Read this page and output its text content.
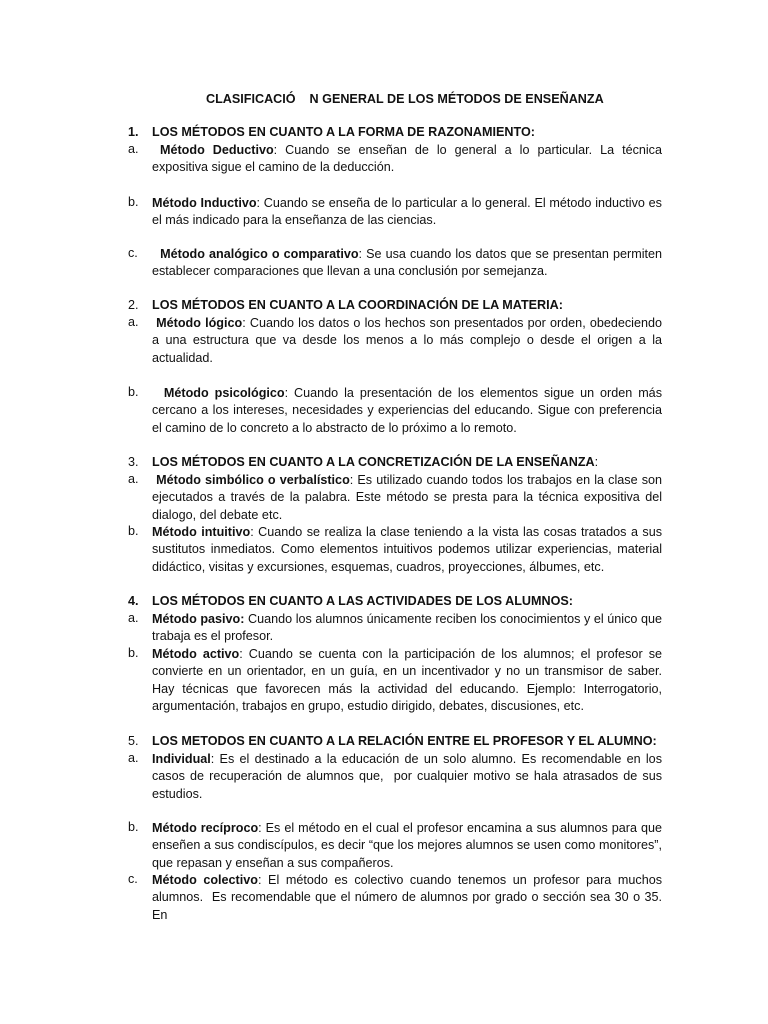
CLASIFICACIÓ    N GENERAL DE LOS MÉTODOS DE ENSEÑANZA
1. LOS MÉTODOS EN CUANTO A LA FORMA DE RAZONAMIENTO:
a. Método Deductivo: Cuando se enseñan de lo general a lo particular. La técnica expositiva sigue el camino de la deducción.
b. Método Inductivo: Cuando se enseña de lo particular a lo general. El método inductivo es el más indicado para la enseñanza de las ciencias.
c. Método analógico o comparativo: Se usa cuando los datos que se presentan permiten establecer comparaciones que llevan a una conclusión por semejanza.
2. LOS MÉTODOS EN CUANTO A LA COORDINACIÓN DE LA MATERIA:
a. Método lógico: Cuando los datos o los hechos son presentados por orden, obedeciendo a una estructura que va desde los menos a lo más complejo o desde el origen a la actualidad.
b. Método psicológico: Cuando la presentación de los elementos sigue un orden más cercano a los intereses, necesidades y experiencias del educando. Sigue con preferencia el camino de lo concreto a lo abstracto de lo próximo a lo remoto.
3. LOS MÉTODOS EN CUANTO A LA CONCRETIZACIÓN DE LA ENSEÑANZA:
a. Método simbólico o verbalístico: Es utilizado cuando todos los trabajos en la clase son ejecutados a través de la palabra. Este método se presta para la técnica expositiva del dialogo, del debate etc.
b. Método intuitivo: Cuando se realiza la clase teniendo a la vista las cosas tratados a sus sustitutos inmediatos. Como elementos intuitivos podemos utilizar experiencias, material didáctico, visitas y excursiones, esquemas, cuadros, proyecciones, álbumes, etc.
4. LOS MÉTODOS EN CUANTO A LAS ACTIVIDADES DE LOS ALUMNOS:
a. Método pasivo: Cuando los alumnos únicamente reciben los conocimientos y el único que trabaja es el profesor.
b. Método activo: Cuando se cuenta con la participación de los alumnos; el profesor se convierte en un orientador, en un guía, en un incentivador y no un transmisor de saber. Hay técnicas que favorecen más la actividad del educando. Ejemplo: Interrogatorio, argumentación, trabajos en grupo, estudio dirigido, debates, discusiones, etc.
5. LOS METODOS EN CUANTO A LA RELACIÓN ENTRE EL PROFESOR Y EL ALUMNO:
a. Individual: Es el destinado a la educación de un solo alumno. Es recomendable en los casos de recuperación de alumnos que,  por cualquier motivo se hala atrasados de sus estudios.
b. Método recíproco: Es el método en el cual el profesor encamina a sus alumnos para que enseñen a sus condiscípulos, es decir “que los mejores alumnos se usen como monitores”, que repasan y enseñan a sus compañeros.
c. Método colectivo: El método es colectivo cuando tenemos un profesor para muchos alumnos.  Es recomendable que el número de alumnos por grado o sección sea 30 o 35. En
